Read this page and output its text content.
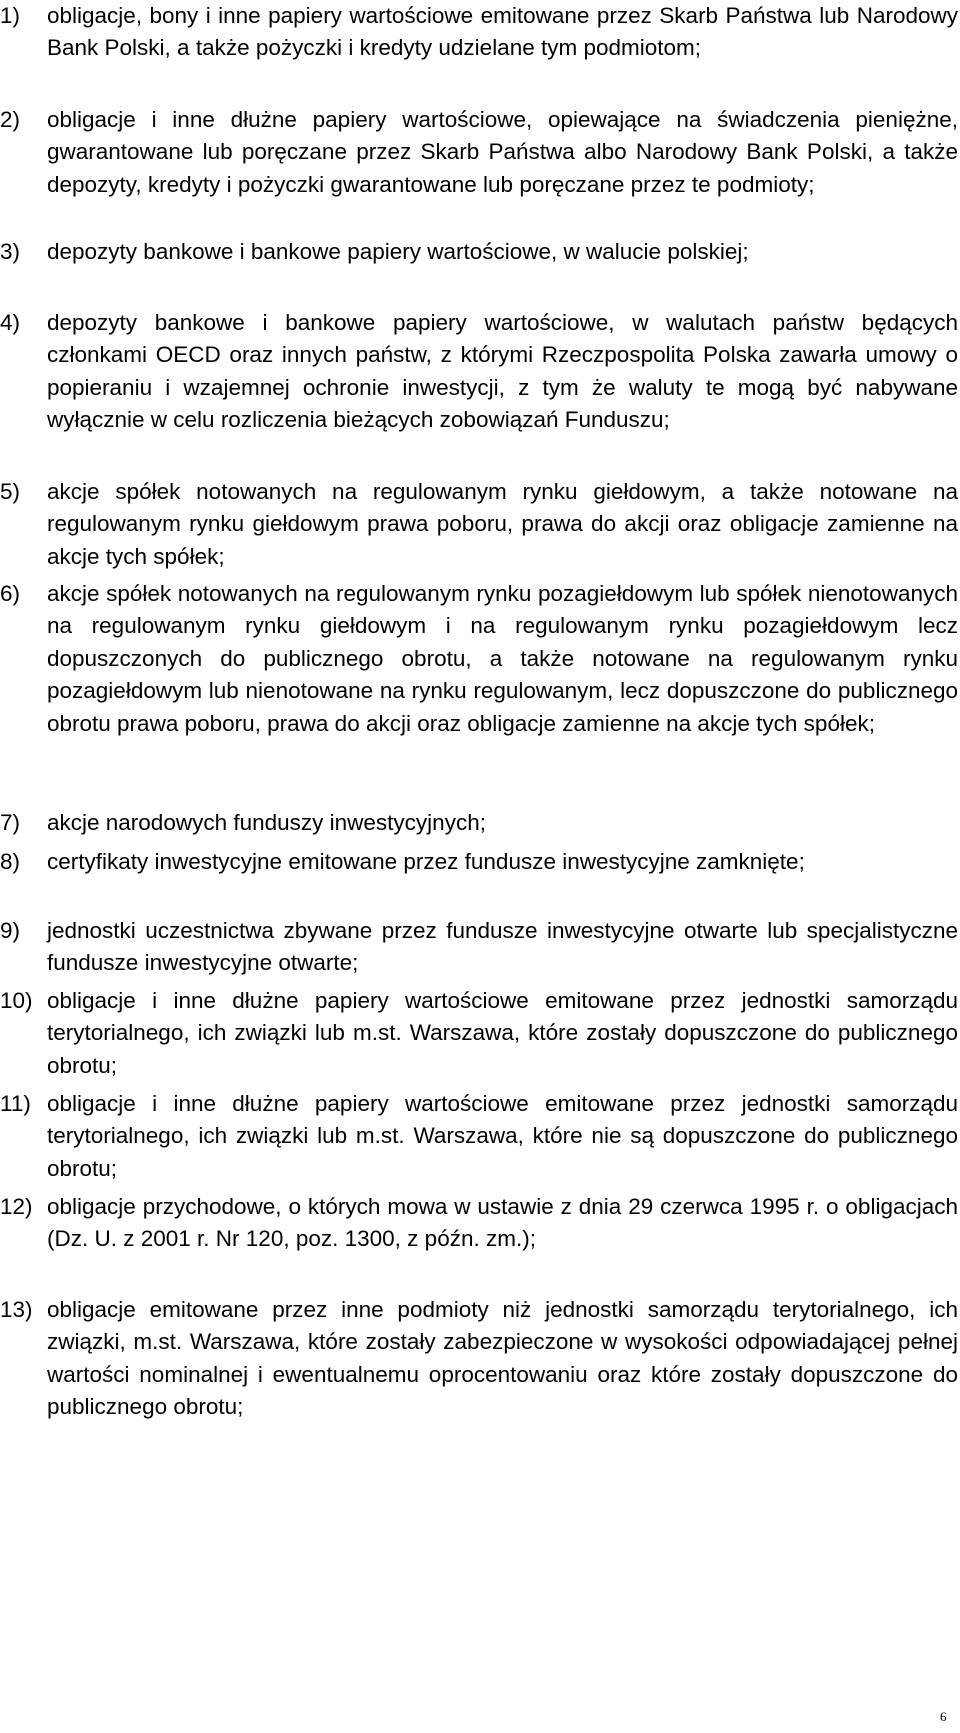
1) obligacje, bony i inne papiery wartościowe emitowane przez Skarb Państwa lub Narodowy Bank Polski, a także pożyczki i kredyty udzielane tym podmiotom;
2) obligacje i inne dłużne papiery wartościowe, opiewające na świadczenia pieniężne, gwarantowane lub poręczane przez Skarb Państwa albo Narodowy Bank Polski, a także depozyty, kredyty i pożyczki gwarantowane lub poręczane przez te podmioty;
3) depozyty bankowe i bankowe papiery wartościowe, w walucie polskiej;
4) depozyty bankowe i bankowe papiery wartościowe, w walutach państw będących członkami OECD oraz innych państw, z którymi Rzeczpospolita Polska zawarła umowy o popieraniu i wzajemnej ochronie inwestycji, z tym że waluty te mogą być nabywane wyłącznie w celu rozliczenia bieżących zobowiązań Funduszu;
5) akcje spółek notowanych na regulowanym rynku giełdowym, a także notowane na regulowanym rynku giełdowym prawa poboru, prawa do akcji oraz obligacje zamienne na akcje tych spółek;
6) akcje spółek notowanych na regulowanym rynku pozagiełdowym lub spółek nienotowanych na regulowanym rynku giełdowym i na regulowanym rynku pozagiełdowym lecz dopuszczonych do publicznego obrotu, a także notowane na regulowanym rynku pozagiełdowym lub nienotowane na rynku regulowanym, lecz dopuszczone do publicznego obrotu prawa poboru, prawa do akcji oraz obligacje zamienne na akcje tych spółek;
7) akcje narodowych funduszy inwestycyjnych;
8) certyfikaty inwestycyjne emitowane przez fundusze inwestycyjne zamknięte;
9) jednostki uczestnictwa zbywane przez fundusze inwestycyjne otwarte lub specjalistyczne fundusze inwestycyjne otwarte;
10) obligacje i inne dłużne papiery wartościowe emitowane przez jednostki samorządu terytorialnego, ich związki lub m.st. Warszawa, które zostały dopuszczone do publicznego obrotu;
11) obligacje i inne dłużne papiery wartościowe emitowane przez jednostki samorządu terytorialnego, ich związki lub m.st. Warszawa, które nie są dopuszczone do publicznego obrotu;
12) obligacje przychodowe, o których mowa w ustawie z dnia 29 czerwca 1995 r. o obligacjach (Dz. U. z 2001 r. Nr 120, poz. 1300, z późn. zm.);
13) obligacje emitowane przez inne podmioty niż jednostki samorządu terytorialnego, ich związki, m.st. Warszawa, które zostały zabezpieczone w wysokości odpowiadającej pełnej wartości nominalnej i ewentualnemu oprocentowaniu oraz które zostały dopuszczone do publicznego obrotu;
6
